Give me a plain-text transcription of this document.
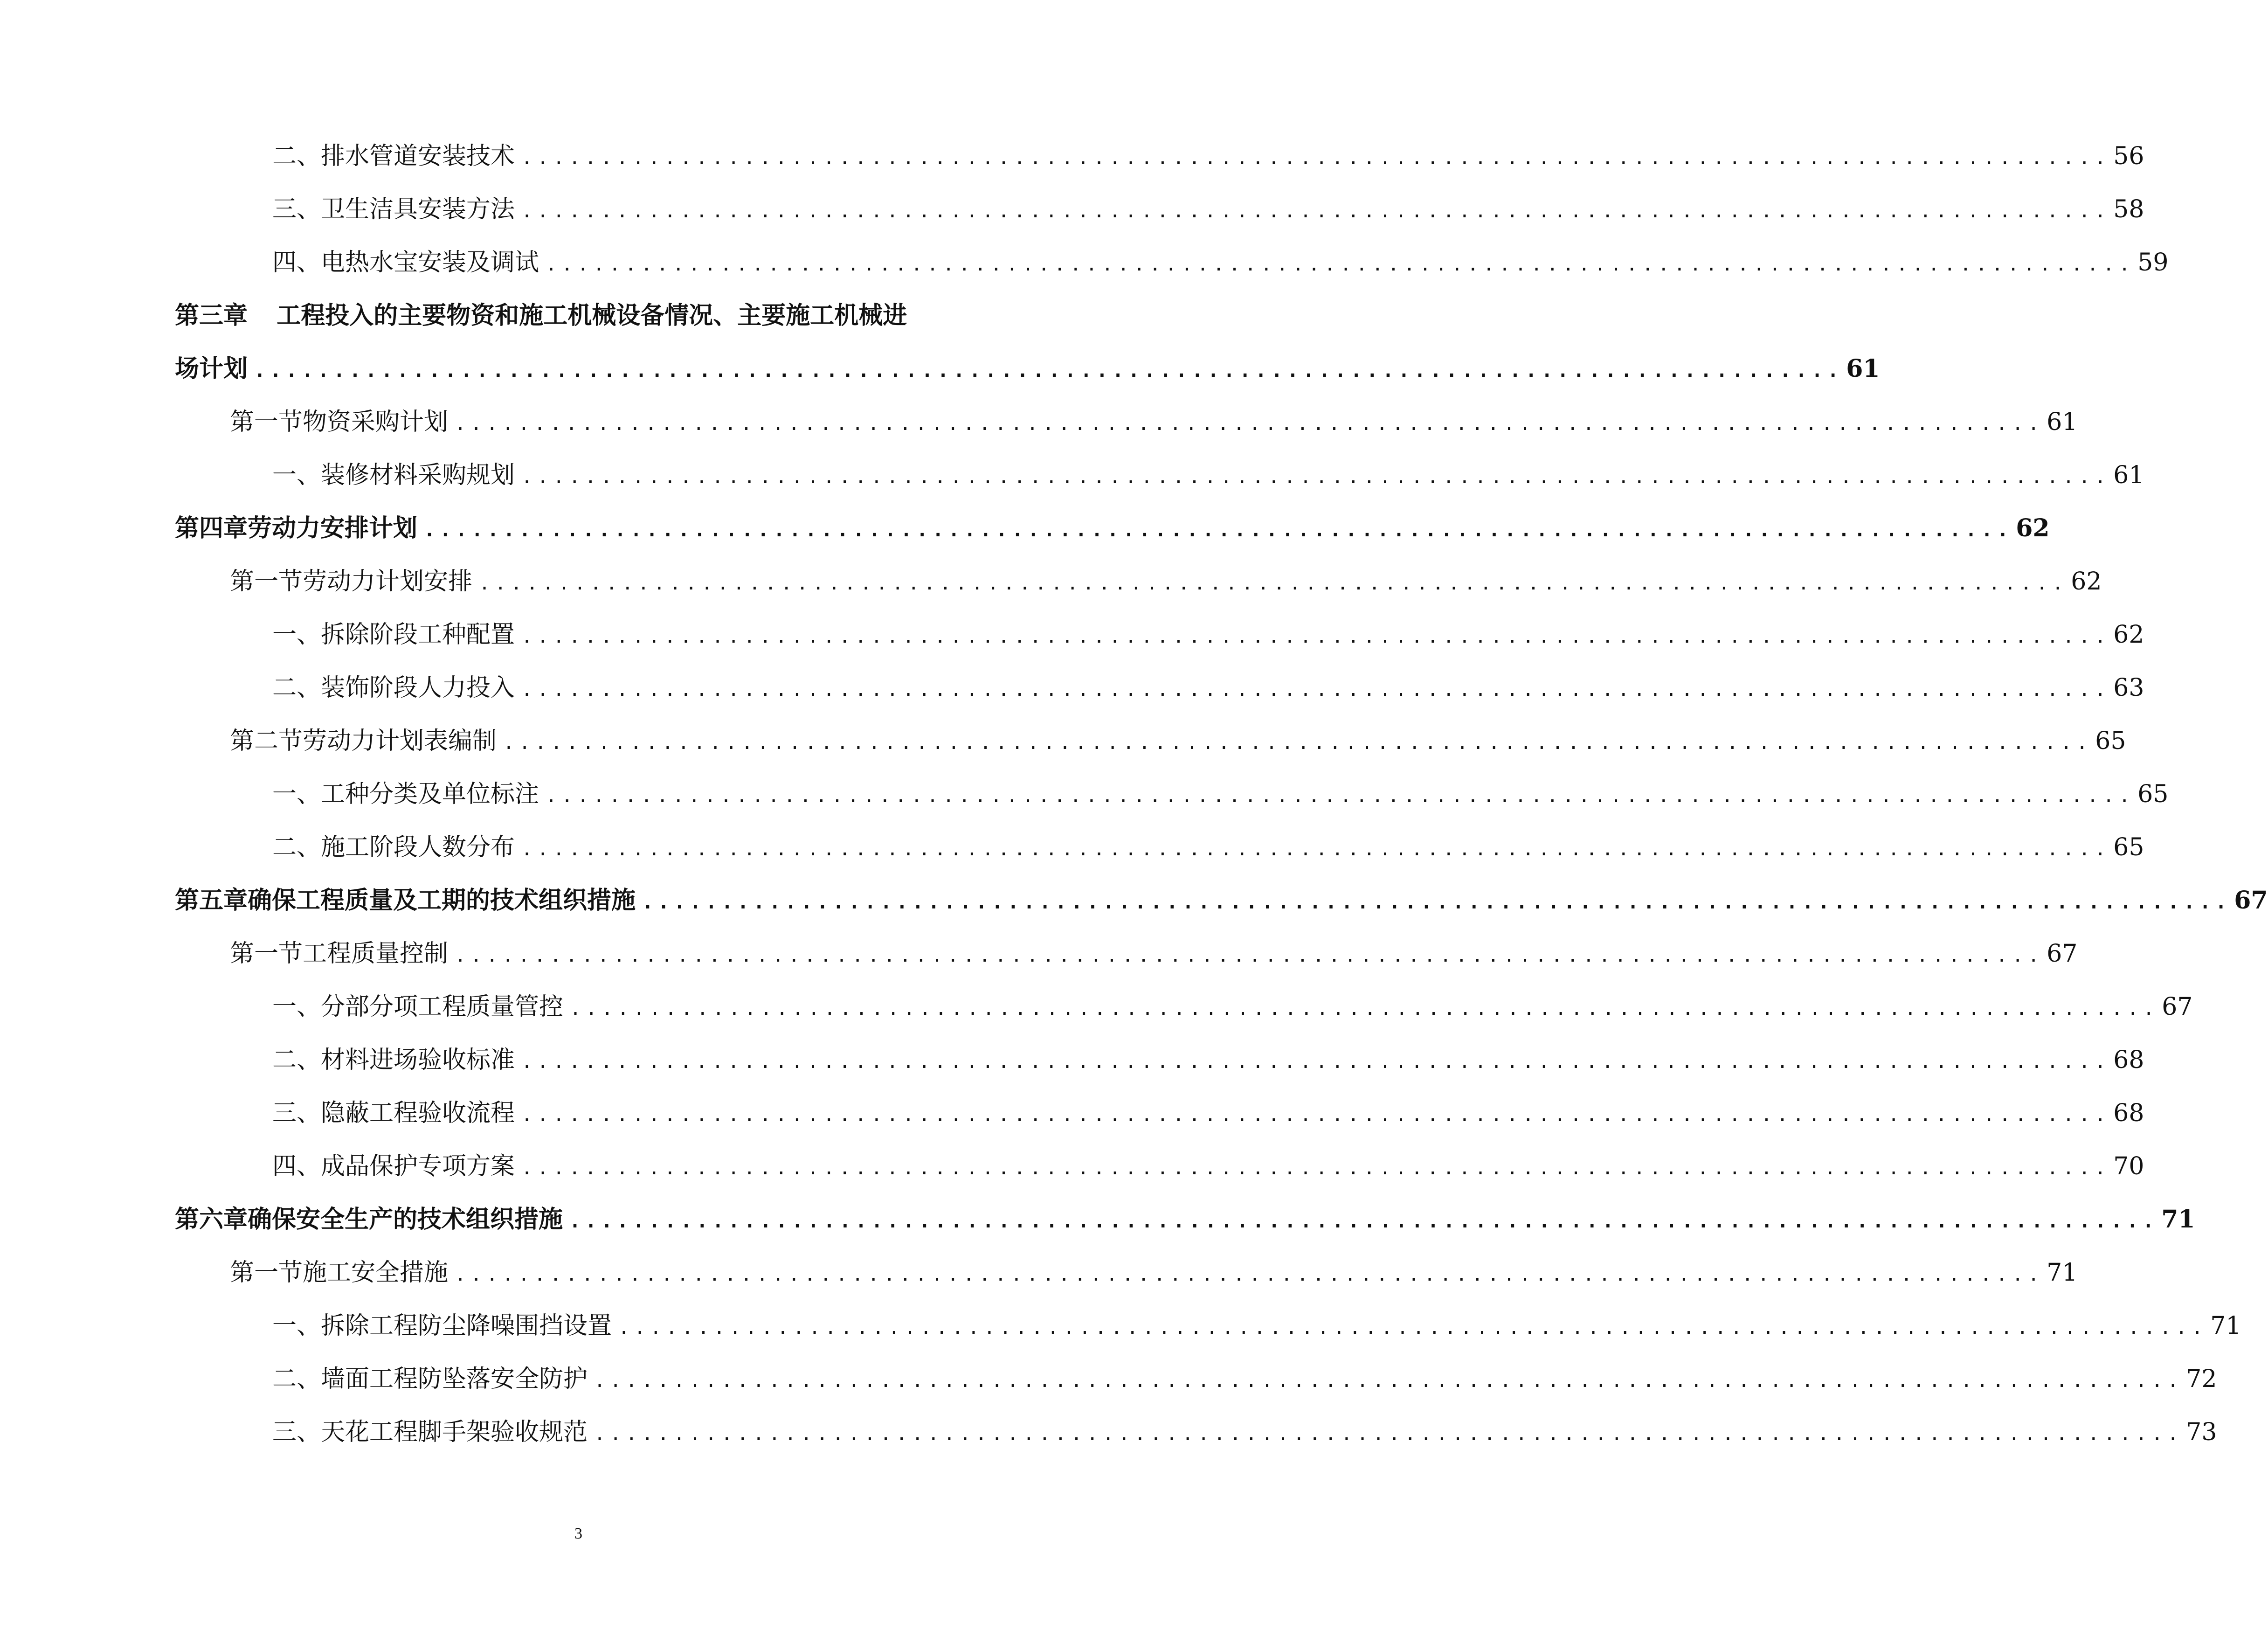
二、 排水管道安装技术 .................................................................................................... 56
三、 卫生洁具安装方法 .................................................................................................... 58
四、 电热水宝安装及调试 .................................................................................................... 59
第三章 工程投入的主要物资和施工机械设备情况、主要施工机械进
场计划 .................................................................................................... 61
第一节 物资采购计划 .................................................................................................... 61
一、 装修材料采购规划 .................................................................................................... 61
第四章 劳动力安排计划 .................................................................................................... 62
第一节 劳动力计划安排 .................................................................................................... 62
一、 拆除阶段工种配置 .................................................................................................... 62
二、 装饰阶段人力投入 .................................................................................................... 63
第二节 劳动力计划表编制 .................................................................................................... 65
一、 工种分类及单位标注 .................................................................................................... 65
二、 施工阶段人数分布 .................................................................................................... 65
第五章 确保工程质量及工期的技术组织措施 .................................................................................................... 67
第一节 工程质量控制 .................................................................................................... 67
一、 分部分项工程质量管控 .................................................................................................... 67
二、 材料进场验收标准 .................................................................................................... 68
三、 隐蔽工程验收流程 .................................................................................................... 68
四、 成品保护专项方案 .................................................................................................... 70
第六章 确保安全生产的技术组织措施 .................................................................................................... 71
第一节 施工安全措施 .................................................................................................... 71
一、 拆除工程防尘降噪围挡设置 .................................................................................................... 71
二、 墙面工程防坠落安全防护 .................................................................................................... 72
三、 天花工程脚手架验收规范 .................................................................................................... 73
3
